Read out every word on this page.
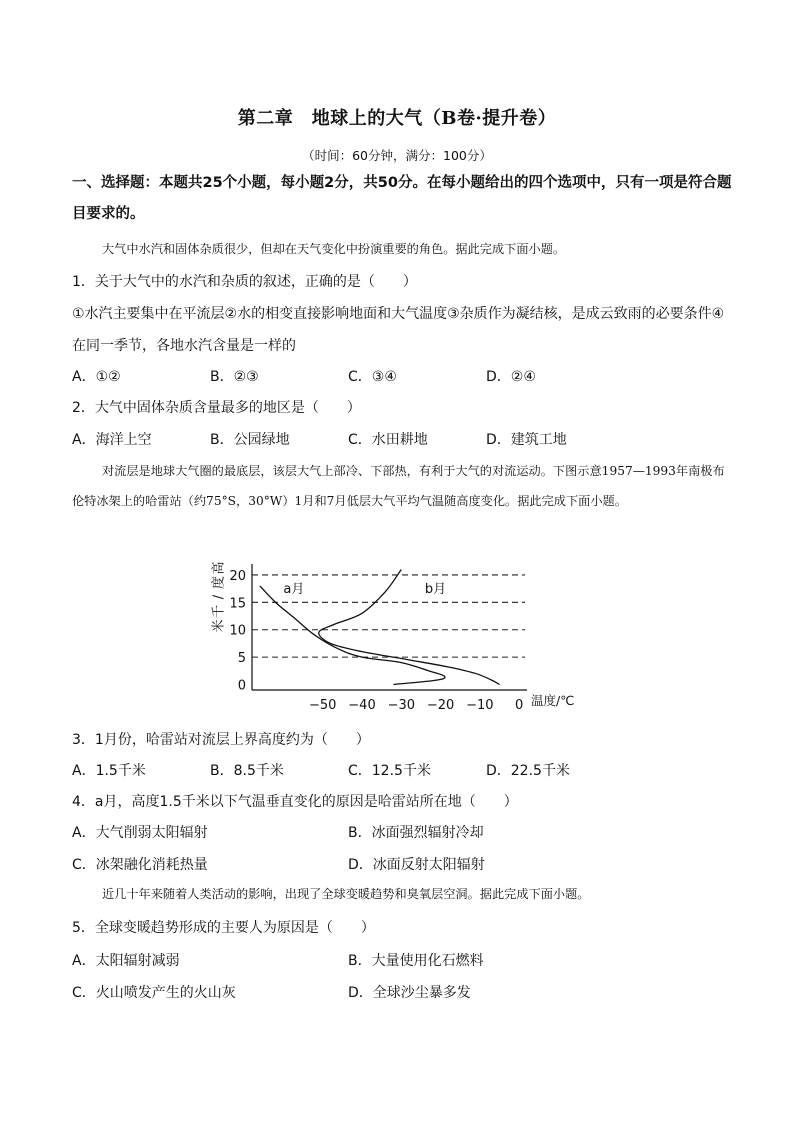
第二章　地球上的大气（B卷·提升卷）
（时间：60分钟，满分：100分）
一、选择题：本题共25个小题，每小题2分，共50分。在每小题给出的四个选项中，只有一项是符合题目要求的。
大气中水汽和固体杂质很少，但却在天气变化中扮演重要的角色。据此完成下面小题。
1．关于大气中的水汽和杂质的叙述，正确的是（　　）
①水汽主要集中在平流层②水的相变直接影响地面和大气温度③杂质作为凝结核，是成云致雨的必要条件④在同一季节，各地水汽含量是一样的
A．①②	B．②③	C．③④	D．②④
2．大气中固体杂质含量最多的地区是（　　）
A．海洋上空	B．公园绿地	C．水田耕地	D．建筑工地
对流层是地球大气圈的最底层，该层大气上部冷、下部热，有利于大气的对流运动。下图示意1957—1993年南极布伦特冰架上的哈雷站（约75°S，30°W）1月和7月低层大气平均气温随高度变化。据此完成下面小题。
0
5
10
15
20
−50 −40 −30 −20 −10 0
a月	b月
高
度
/
千
米
温度/℃
3．1月份，哈雷站对流层上界高度约为（　　）
A．1.5千米	B．8.5千米	C．12.5千米	D．22.5千米
4．a月，高度1.5千米以下气温垂直变化的原因是哈雷站所在地（　　）
A．大气削弱太阳辐射	B．冰面强烈辐射冷却
C．冰架融化消耗热量	D．冰面反射太阳辐射
近几十年来随着人类活动的影响，出现了全球变暖趋势和臭氧层空洞。据此完成下面小题。
5．全球变暖趋势形成的主要人为原因是（　　）
A．太阳辐射减弱	B．大量使用化石燃料
C．火山喷发产生的火山灰	D．全球沙尘暴多发
